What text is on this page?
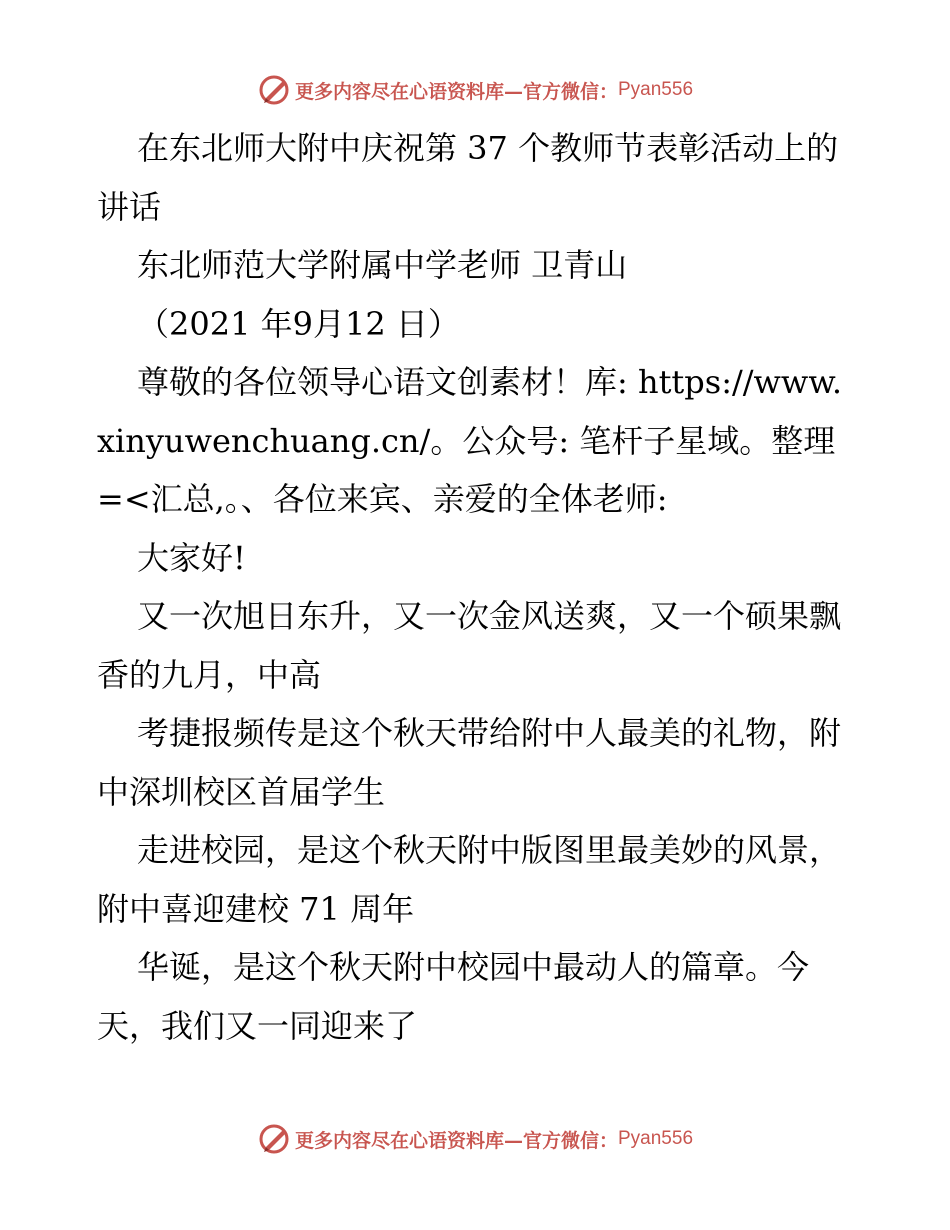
更多内容尽在心语资料库—官方微信： Pyan556

在东北师大附中庆祝第 37 个教师节表彰活动上的讲话

东北师范大学附属中学老师 卫青山

（2021 年9月12 日）

尊敬的各位领导心语文创素材！库: https://www.xinyuwenchuang.cn/。公众号: 笔杆子星域。整理=<汇总,。、各位来宾、亲爱的全体老师:

大家好!

又一次旭日东升，又一次金风送爽，又一个硕果飘香的九月，中高

考捷报频传是这个秋天带给附中人最美的礼物，附中深圳校区首届学生

走进校园，是这个秋天附中版图里最美妙的风景，附中喜迎建校 71 周年

华诞，是这个秋天附中校园中最动人的篇章。今天，我们又一同迎来了

更多内容尽在心语资料库—官方微信： Pyan556
